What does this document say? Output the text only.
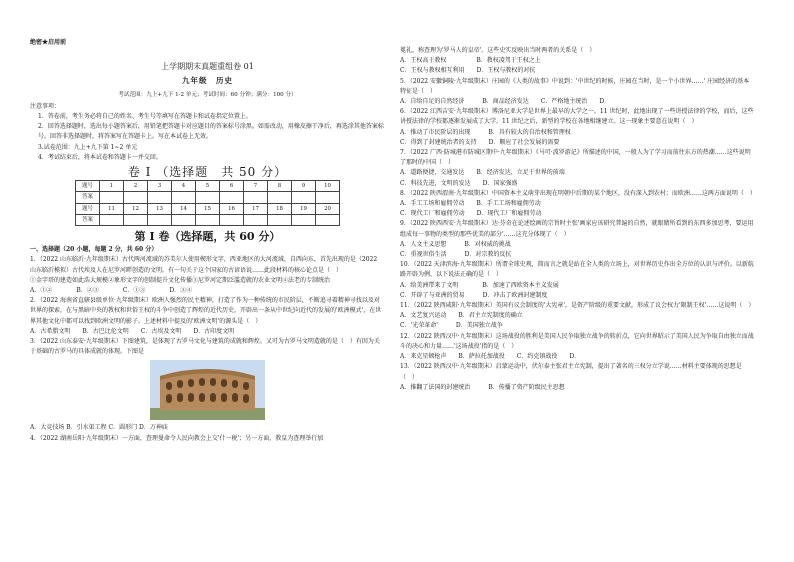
绝密★启用前

上学期期末真题重组卷 01

九年级　历史

考试范围：九上+九下 1-2 单元；考试时间：60 分钟；满分：100 分）

注意事项：

1．答卷前，考生务必将自己的姓名、考生号等填写在答题卡和试卷指定位置上。

2．回答选择题时，选出每小题答案后，用铅笔把答题卡对应题目的答案标号涂黑。如需改动，用橡皮擦干净后，再选涂其他答案标号。回答非选择题时，将答案写在答题卡上。写在本试卷上无效。

3.试卷范围：九上+九下第 1~2 单元

4．考试结束后，将本试卷和答题卡一并交回。

卷 I （选择题　共 50 分）

题号	1	2	3	4	5	6	7	8	9	10
答案										
题号	11	12	13	14	15	16	17	18	19	20
答案										

第 I 卷（选择题，共 60 分）

一、选择题（20 小题，每题 2 分，共 60 分）

1．（2022 山东临沂·九年级期末）古代两河流域的苏美尔人使用楔形文字，西亚地区的大河流域，自西向东，首先出现的是（2022 山东临沂模拟）古代埃及人在尼罗河畔创造的文明。有一句关于这个国家的古谚语说……此段材料的核心论点是（　）

①金字塔的建造如此浩大规模②象形文字的创制提升文化传播③尼罗河定期泛滥造就的农业文明④法老的专制统治

A．①②　　　　B．②③　　　　C．①③　　　　D．③④

2．（2022 海南省直辖县级单位·九年级期末）欧洲人强烈的民主精神，打造了作为一种传统的市民阶层，不断追寻着精神寻找以及对世界的探索，在与黑暗中央的教权和世俗王权的斗争中创造了辉煌的近代历史，开辟出一条从中世纪向近代的发展的'欧洲模式'，在世界其他文化中都可以找到欧洲文明的影子。上述材料中提及的'欧洲文明'的源头是（　）

A．古希腊文明　　B．古巴比伦文明　　C．古埃及文明　　D．古印度文明

3．（2022 山东泰安·九年级期末）下图建筑，是体现了古罗马文化与建筑的成就和辉煌。又可为古罗马文明造就的是（　）有因为关于基础的古罗马的具体成就的体现。下图是

A．大竞技场 B．引水渠工程 C．圆形门 D．万神庙

4．（2022 湖南岳阳·九年级期末）一方面，查理曼命令人民向教会上交'什一税'；另一方面，教皇为查理举行加

冕礼，称查理为'罗马人的皇帝'。这些史实反映出当时两者的关系是（　）

A．王权高于教权　　　　　B．教权凌驾于王权之上

C．王权与教权相互利用　　D．王权与教权的对抗

5．（2022 安徽铜陵·九年级期末）庄园的《人类的故事》中说到：'中世纪的时候，庄园在当时，是一个小世界……' 庄园经济的基本特征是（　）

A．自给自足的自然经济　　　B．商品经济发达　　C．严格地主统治　　D．

6．（2022 江西吉安·九年级期末）博洛尼亚大学是世界上最早的大学之一。11 世纪时，此地出现了一些讲授法律的学校，而后，这些讲授法律的学校都逐渐发展成了大学。11 世纪之后，新型的学校在各地相继建立。这一现象主要意在说明（　）

A．推动了市民阶层的出现　　　B．具有较大的自治权和管理权

C．得到了封建统治者的支持　　D．顺应了社会发展的需要

7．（2022 广西·防城港市防城区期中·九年级期末）《马可·波罗游记》所描述的中国，一般人为了学习而前往东方的热潮……这些说明了那时的中国（　）

A．道路便捷，交通发达　　B．经济发达，立足于世界的前端

C．科技先进，文明的发达　　D．国家强盛

8．（2022 陕西渭南·九年级期末）中国资本主义萌芽出现在明朝中后期的某个地区，没有深入到农村；而欧洲……这两方面说明（　）

A．手工工场和雇佣劳动　　B．手工工场和雇佣劳动

C．现代工厂和雇佣劳动　　D．现代工厂和雇佣劳动

9．（2022 陕西西安·九年级期末）达·芬奇在论述绘画的宗旨时主张'画家应该研究普遍的自然，就眼睛所看到的东西多加思考，要运用组成每一事物的类型的那些优美的部分'……这充分体现了（　）

A．人文主义思想　　　B．对权威的挑战

C．重视世俗生活　　　D．对宗教的反抗

10．（2022 天津滨海·九年级期末）所谓全球史观，简而言之就是站在全人类的立场上，对世界历史作出全方位的认识与评价。以新航路开辟为例，以下说法正确的是（　）

A．给美洲带来了文明　　　　B．加速了西欧资本主义发展

C．开辟了与亚洲的贸易　　　D．冲击了欧洲封建制度

11．（2022 陕西咸阳·九年级期末）英国有议会制度的'大宪章'，是资产阶级的重要文献，形成了议会权力'限制王权'……这说明（　）

A．文艺复兴运动　　B．君主立宪制度的确立

C．'光荣革命'　　　D．美国独立战争

12．（2022 陕西汉中·九年级期末）这场战役的胜利是美国人民争取独立战争的转折点，它向世界昭示了美国人民为争取自由独立而战斗的决心和力量……'这场战役'指的是（　）

A．来克星顿枪声　　B．萨拉托加战役　　C．约克镇战役　　D．

13．（2022 陕西汉中·九年级期末）启蒙运动中，伏尔泰主张君主立宪制，提出了著名的三权分立学说……材料主要体现的思想是（　）

A．推翻了法国的封建统治　　　B．传播了资产阶级民主思想
